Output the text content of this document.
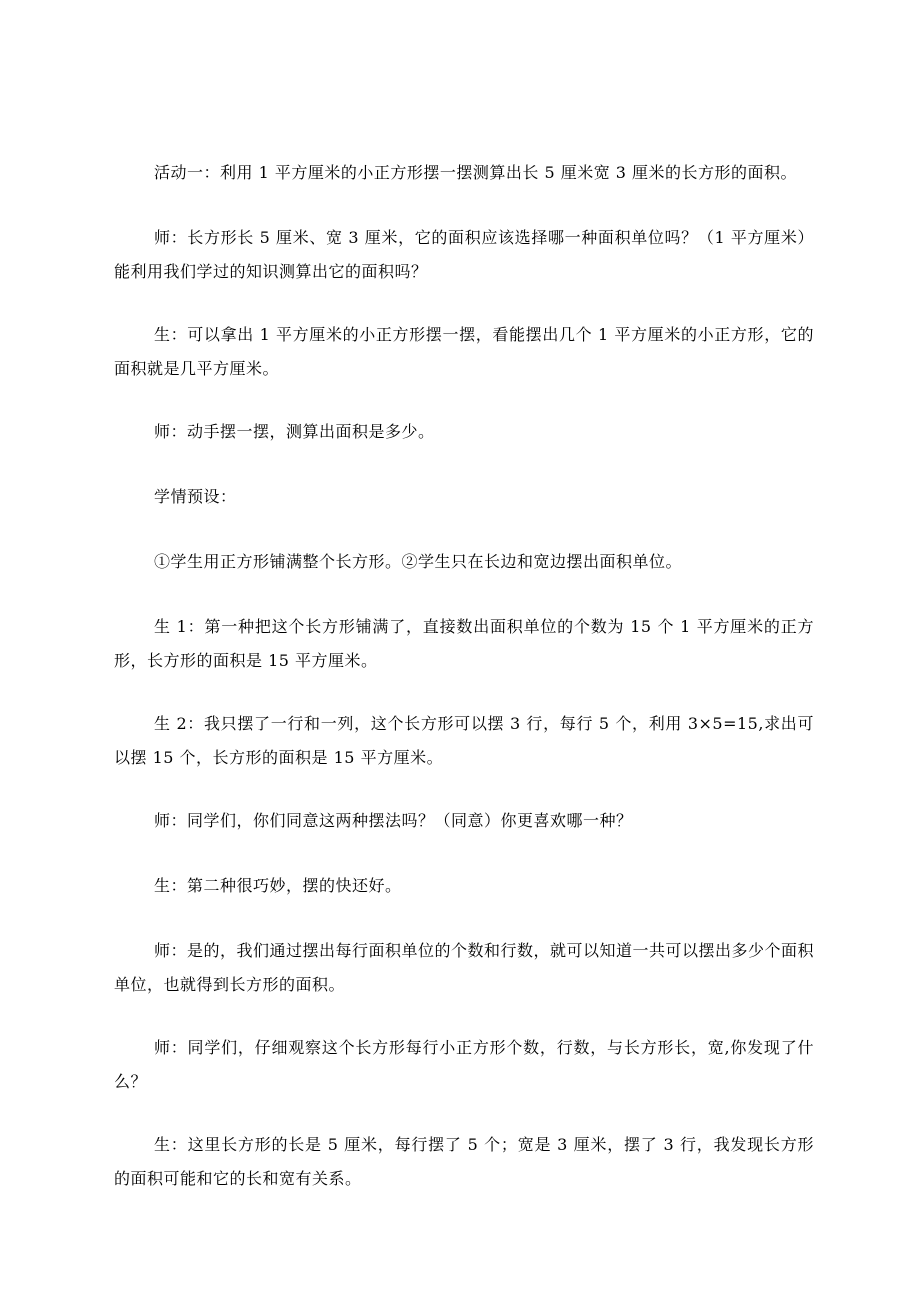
活动一：利用 1 平方厘米的小正方形摆一摆测算出长 5 厘米宽 3 厘米的长方形的面积。

师：长方形长 5 厘米、宽 3 厘米，它的面积应该选择哪一种面积单位吗？（1 平方厘米）能利用我们学过的知识测算出它的面积吗？

生：可以拿出 1 平方厘米的小正方形摆一摆，看能摆出几个 1 平方厘米的小正方形，它的面积就是几平方厘米。

师：动手摆一摆，测算出面积是多少。

学情预设：

①学生用正方形铺满整个长方形。②学生只在长边和宽边摆出面积单位。

生 1：第一种把这个长方形铺满了，直接数出面积单位的个数为 15 个 1 平方厘米的正方形，长方形的面积是 15 平方厘米。

生 2：我只摆了一行和一列，这个长方形可以摆 3 行，每行 5 个，利用 3×5=15,求出可以摆 15 个，长方形的面积是 15 平方厘米。

师：同学们，你们同意这两种摆法吗？（同意）你更喜欢哪一种？

生：第二种很巧妙，摆的快还好。

师：是的，我们通过摆出每行面积单位的个数和行数，就可以知道一共可以摆出多少个面积单位，也就得到长方形的面积。

师：同学们，仔细观察这个长方形每行小正方形个数，行数，与长方形长，宽,你发现了什么？

生：这里长方形的长是 5 厘米，每行摆了 5 个；宽是 3 厘米，摆了 3 行，我发现长方形的面积可能和它的长和宽有关系。
